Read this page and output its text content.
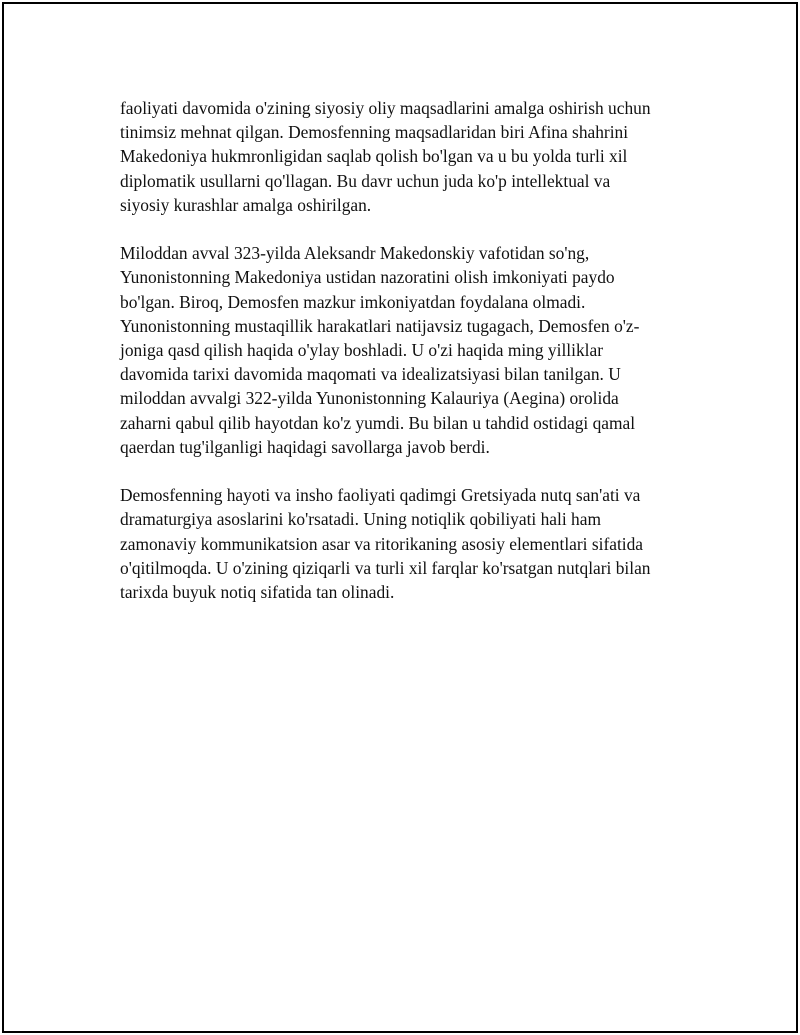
faoliyati davomida o'zining siyosiy oliy maqsadlarini amalga oshirish uchun
tinimsiz mehnat qilgan. Demosfenning maqsadlaridan biri Afina shahrini
Makedoniya hukmronligidan saqlab qolish bo'lgan va u bu yolda turli xil
diplomatik usullarni qo'llagan. Bu davr uchun juda ko'p intellektual va
siyosiy kurashlar amalga oshirilgan.

Miloddan avval 323-yilda Aleksandr Makedonskiy vafotidan so'ng,
Yunonistonning Makedoniya ustidan nazoratini olish imkoniyati paydo
bo'lgan. Biroq, Demosfen mazkur imkoniyatdan foydalana olmadi.
Yunonistonning mustaqillik harakatlari natijavsiz tugagach, Demosfen o'z-
joniga qasd qilish haqida o'ylay boshladi. U o'zi haqida ming yilliklar
davomida tarixi davomida maqomati va idealizatsiyasi bilan tanilgan. U
miloddan avvalgi 322-yilda Yunonistonning Kalauriya (Aegina) orolida
zaharni qabul qilib hayotdan ko'z yumdi. Bu bilan u tahdid ostidagi qamal
qaerdan tug'ilganligi haqidagi savollarga javob berdi.

Demosfenning hayoti va insho faoliyati qadimgi Gretsiyada nutq san'ati va
dramaturgiya asoslarini ko'rsatadi. Uning notiqlik qobiliyati hali ham
zamonaviy kommunikatsion asar va ritorikaning asosiy elementlari sifatida
o'qitilmoqda. U o'zining qiziqarli va turli xil farqlar ko'rsatgan nutqlari bilan
tarixda buyuk notiq sifatida tan olinadi.
